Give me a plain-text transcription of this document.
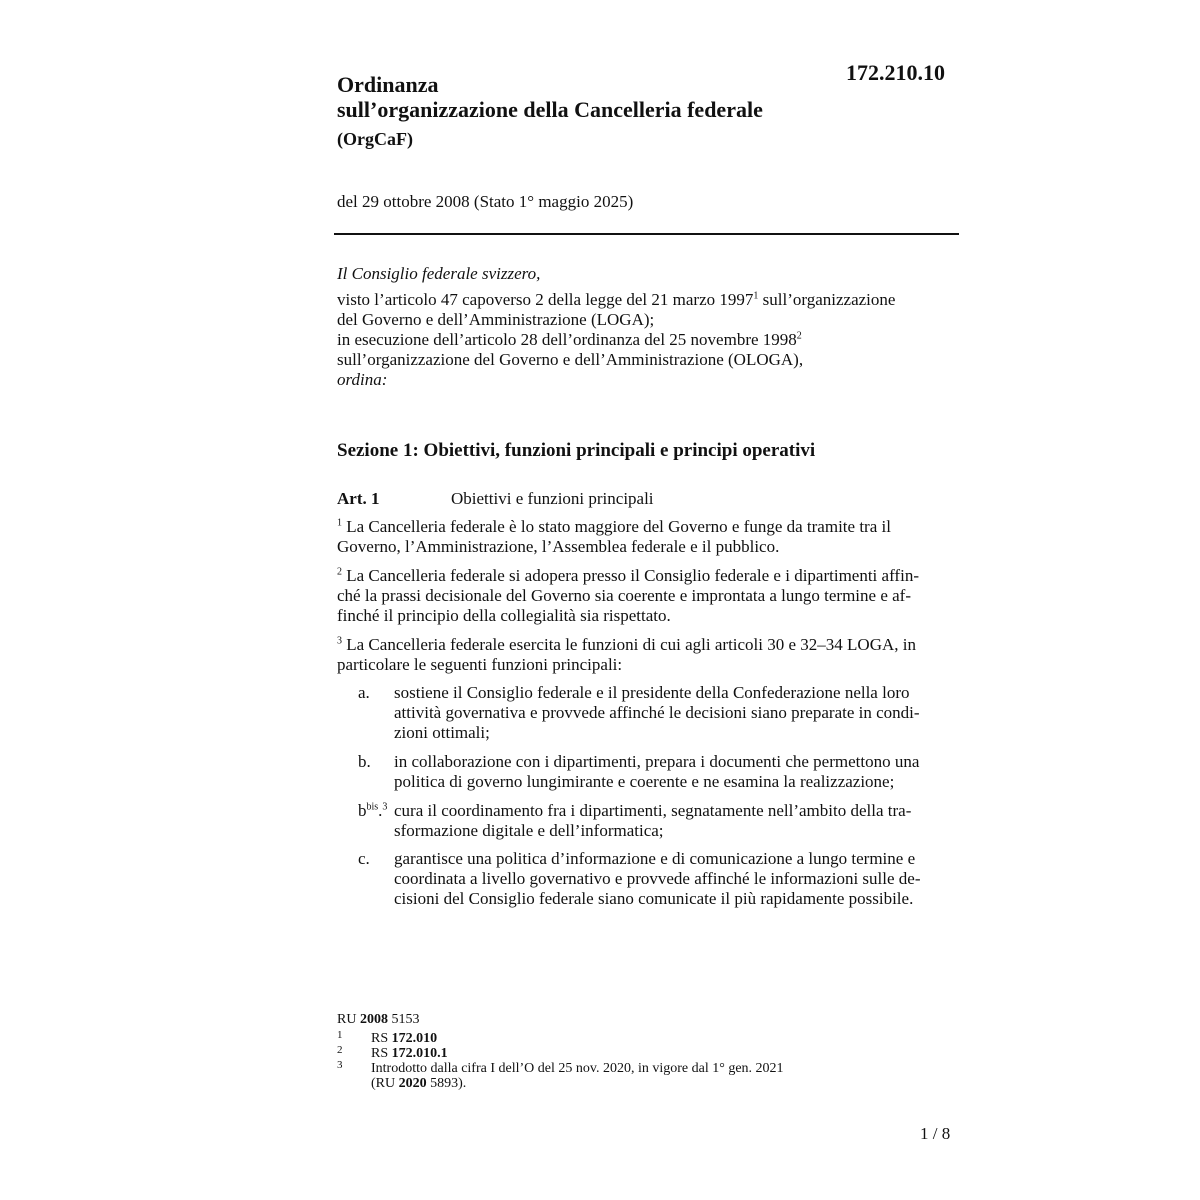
172.210.10
Ordinanza
sull’organizzazione della Cancelleria federale
(OrgCaF)
del 29 ottobre 2008 (Stato 1° maggio 2025)
Il Consiglio federale svizzero,
visto l’articolo 47 capoverso 2 della legge del 21 marzo 1997$^1$ sull’organizzazione
del Governo e dell’Amministrazione (LOGA);
in esecuzione dell’articolo 28 dell’ordinanza del 25 novembre 1998$^2$
sull’organizzazione del Governo e dell’Amministrazione (OLOGA),
ordina:
Sezione 1: Obiettivi, funzioni principali e principi operativi
Art. 1	Obiettivi e funzioni principali
$^1$ La Cancelleria federale è lo stato maggiore del Governo e funge da tramite tra il
Governo, l’Amministrazione, l’Assemblea federale e il pubblico.
$^2$ La Cancelleria federale si adopera presso il Consiglio federale e i dipartimenti affin-
ché la prassi decisionale del Governo sia coerente e improntata a lungo termine e af-
finché il principio della collegialità sia rispettato.
$^3$ La Cancelleria federale esercita le funzioni di cui agli articoli 30 e 32–34 LOGA, in
particolare le seguenti funzioni principali:
a. sostiene il Consiglio federale e il presidente della Confederazione nella loro
attività governativa e provvede affinché le decisioni siano preparate in condi-
zioni ottimali;
b. in collaborazione con i dipartimenti, prepara i documenti che permettono una
politica di governo lungimirante e coerente e ne esamina la realizzazione;
$b^{bis}.^3$ cura il coordinamento fra i dipartimenti, segnatamente nell’ambito della tra-
sformazione digitale e dell’informatica;
c. garantisce una politica d’informazione e di comunicazione a lungo termine e
coordinata a livello governativo e provvede affinché le informazioni sulle de-
cisioni del Consiglio federale siano comunicate il più rapidamente possibile.
RU 2008 5153
1 RS 172.010
2 RS 172.010.1
3 Introdotto dalla cifra I dell’O del 25 nov. 2020, in vigore dal 1° gen. 2021
(RU 2020 5893).
1 / 8
